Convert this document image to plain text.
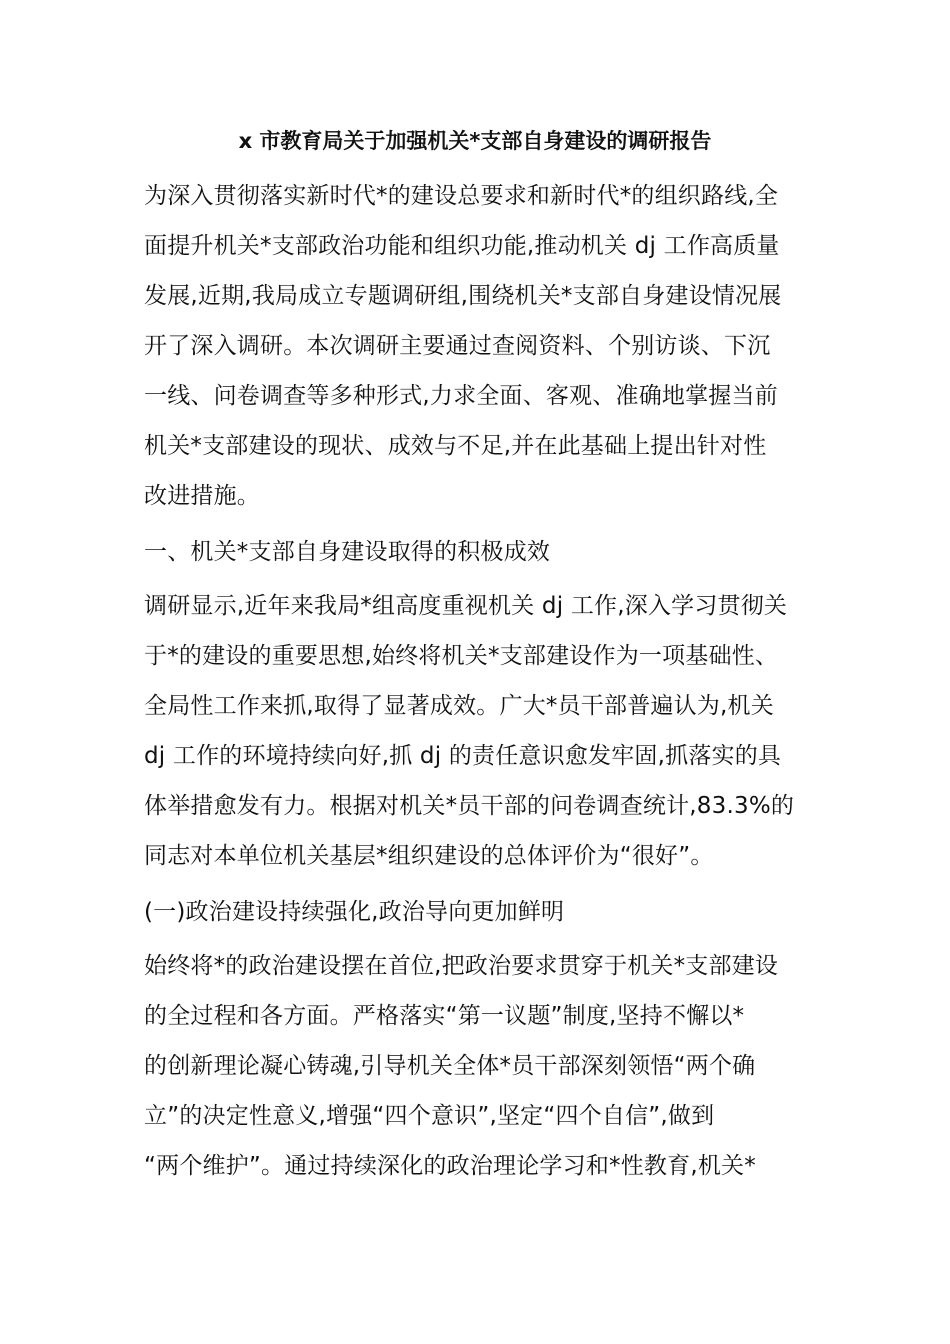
x 市教育局关于加强机关*支部自身建设的调研报告
为深入贯彻落实新时代*的建设总要求和新时代*的组织路线,全
面提升机关*支部政治功能和组织功能,推动机关 dj 工作高质量
发展,近期,我局成立专题调研组,围绕机关*支部自身建设情况展
开了深入调研。本次调研主要通过查阅资料、个别访谈、下沉
一线、问卷调查等多种形式,力求全面、客观、准确地掌握当前
机关*支部建设的现状、成效与不足,并在此基础上提出针对性
改进措施。
一、机关*支部自身建设取得的积极成效
调研显示,近年来我局*组高度重视机关 dj 工作,深入学习贯彻关
于*的建设的重要思想,始终将机关*支部建设作为一项基础性、
全局性工作来抓,取得了显著成效。广大*员干部普遍认为,机关
dj 工作的环境持续向好,抓 dj 的责任意识愈发牢固,抓落实的具
体举措愈发有力。根据对机关*员干部的问卷调查统计,83.3%的
同志对本单位机关基层*组织建设的总体评价为“很好”。
(一)政治建设持续强化,政治导向更加鲜明
始终将*的政治建设摆在首位,把政治要求贯穿于机关*支部建设
的全过程和各方面。严格落实“第一议题”制度,坚持不懈以*
的创新理论凝心铸魂,引导机关全体*员干部深刻领悟“两个确
立”的决定性意义,增强“四个意识”,坚定“四个自信”,做到
“两个维护”。通过持续深化的政治理论学习和*性教育,机关*
